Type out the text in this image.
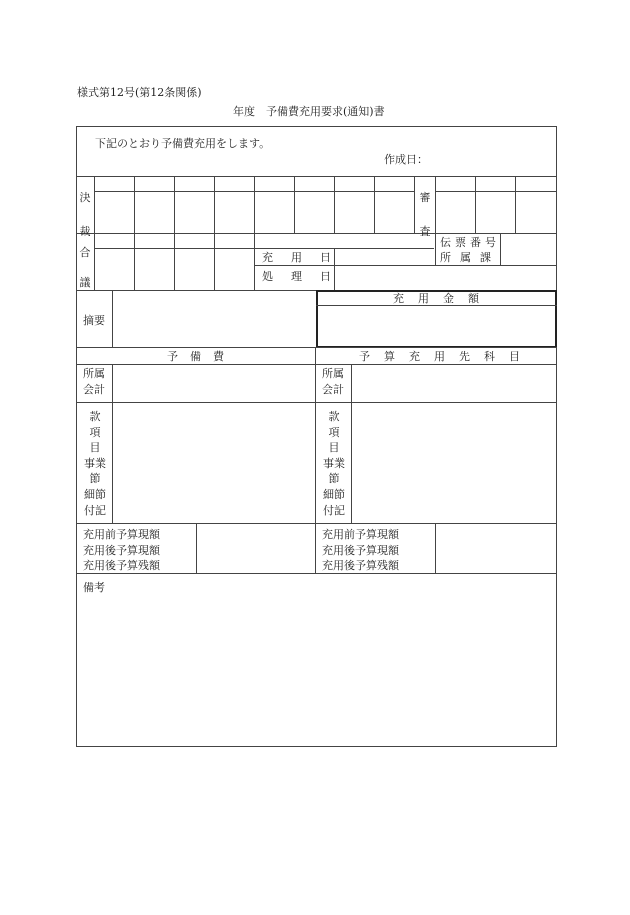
様式第12号(第12条関係)
年度　予備費充用要求(通知)書
下記のとおり予備費充用をします。
作成日：
決
裁
審
査
合
議
伝票番号
所属課
充用日
処理日
摘要
充用金額
予備費	予算充用先科目
所属
会計
所属
会計
款
項
目
事業
節
細節
付記
款
項
目
事業
節
細節
付記
充用前予算現額
充用後予算現額
充用後予算残額
充用前予算現額
充用後予算現額
充用後予算残額
備考
